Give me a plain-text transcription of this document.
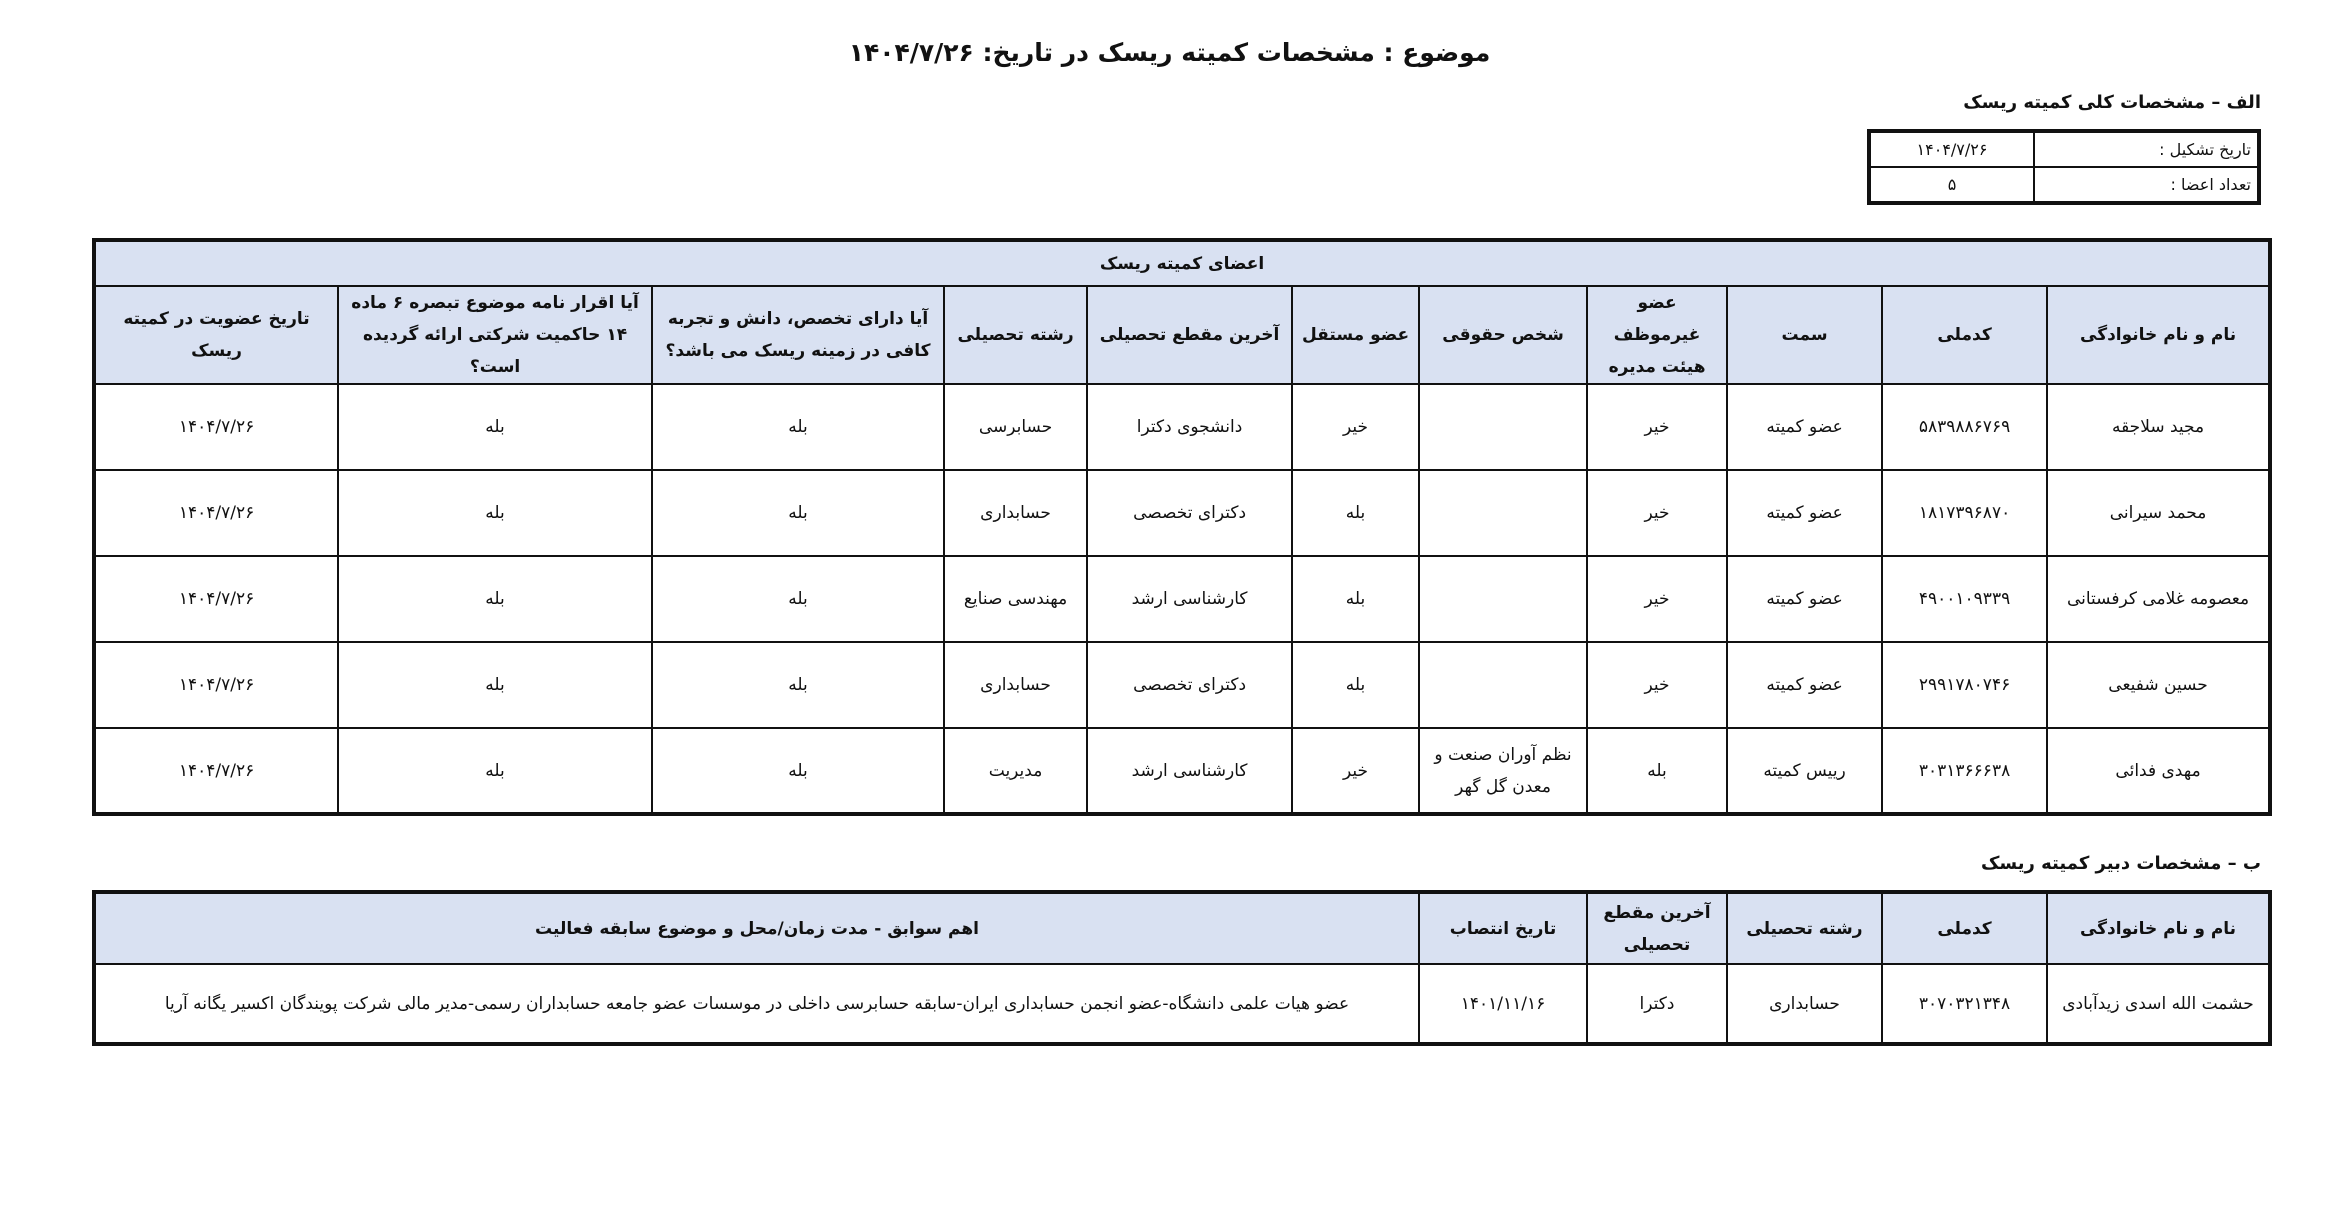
موضوع : مشخصات کمیته ریسک در تاریخ: ۱۴۰۴/۷/۲۶
الف – مشخصات کلی کمیته ریسک
تاریخ تشکیل :	۱۴۰۴/۷/۲۶
تعداد اعضا :	۵
اعضای کمیته ریسک										
نام و نام خانوادگی	کدملی	سمت	عضو غیرموظف هیئت مدیره	شخص حقوقی	عضو مستقل	آخرین مقطع تحصیلی	رشته تحصیلی	آیا دارای تخصص، دانش و تجربه کافی در زمینه ریسک می باشد؟	آیا اقرار نامه موضوع تبصره ۶ ماده ۱۴ حاکمیت شرکتی ارائه گردیده است؟	تاریخ عضویت در کمیته ریسک
مجید سلاجقه	۵۸۳۹۸۸۶۷۶۹	عضو کمیته	خیر		خیر	دانشجوی دکترا	حسابرسی	بله	بله	۱۴۰۴/۷/۲۶
محمد سیرانی	۱۸۱۷۳۹۶۸۷۰	عضو کمیته	خیر		بله	دکترای تخصصی	حسابداری	بله	بله	۱۴۰۴/۷/۲۶
معصومه غلامی کرفستانی	۴۹۰۰۱۰۹۳۳۹	عضو کمیته	خیر		بله	کارشناسی ارشد	مهندسی صنایع	بله	بله	۱۴۰۴/۷/۲۶
حسین شفیعی	۲۹۹۱۷۸۰۷۴۶	عضو کمیته	خیر		بله	دکترای تخصصی	حسابداری	بله	بله	۱۴۰۴/۷/۲۶
مهدی فدائی	۳۰۳۱۳۶۶۶۳۸	رییس کمیته	بله	نظم آوران صنعت و معدن گل گهر	خیر	کارشناسی ارشد	مدیریت	بله	بله	۱۴۰۴/۷/۲۶
ب – مشخصات دبیر کمیته ریسک
نام و نام خانوادگی	کدملی	رشته تحصیلی	آخرین مقطع تحصیلی	تاریخ انتصاب	اهم سوابق - مدت زمان/محل و موضوع سابقه فعالیت
حشمت الله اسدی زیدآبادی	۳۰۷۰۳۲۱۳۴۸	حسابداری	دکترا	۱۴۰۱/۱۱/۱۶	عضو هیات علمی دانشگاه-عضو انجمن حسابداری ایران-سابقه حسابرسی داخلی در موسسات عضو جامعه حسابداران رسمی-مدیر مالی شرکت پویندگان اکسیر یگانه آریا
